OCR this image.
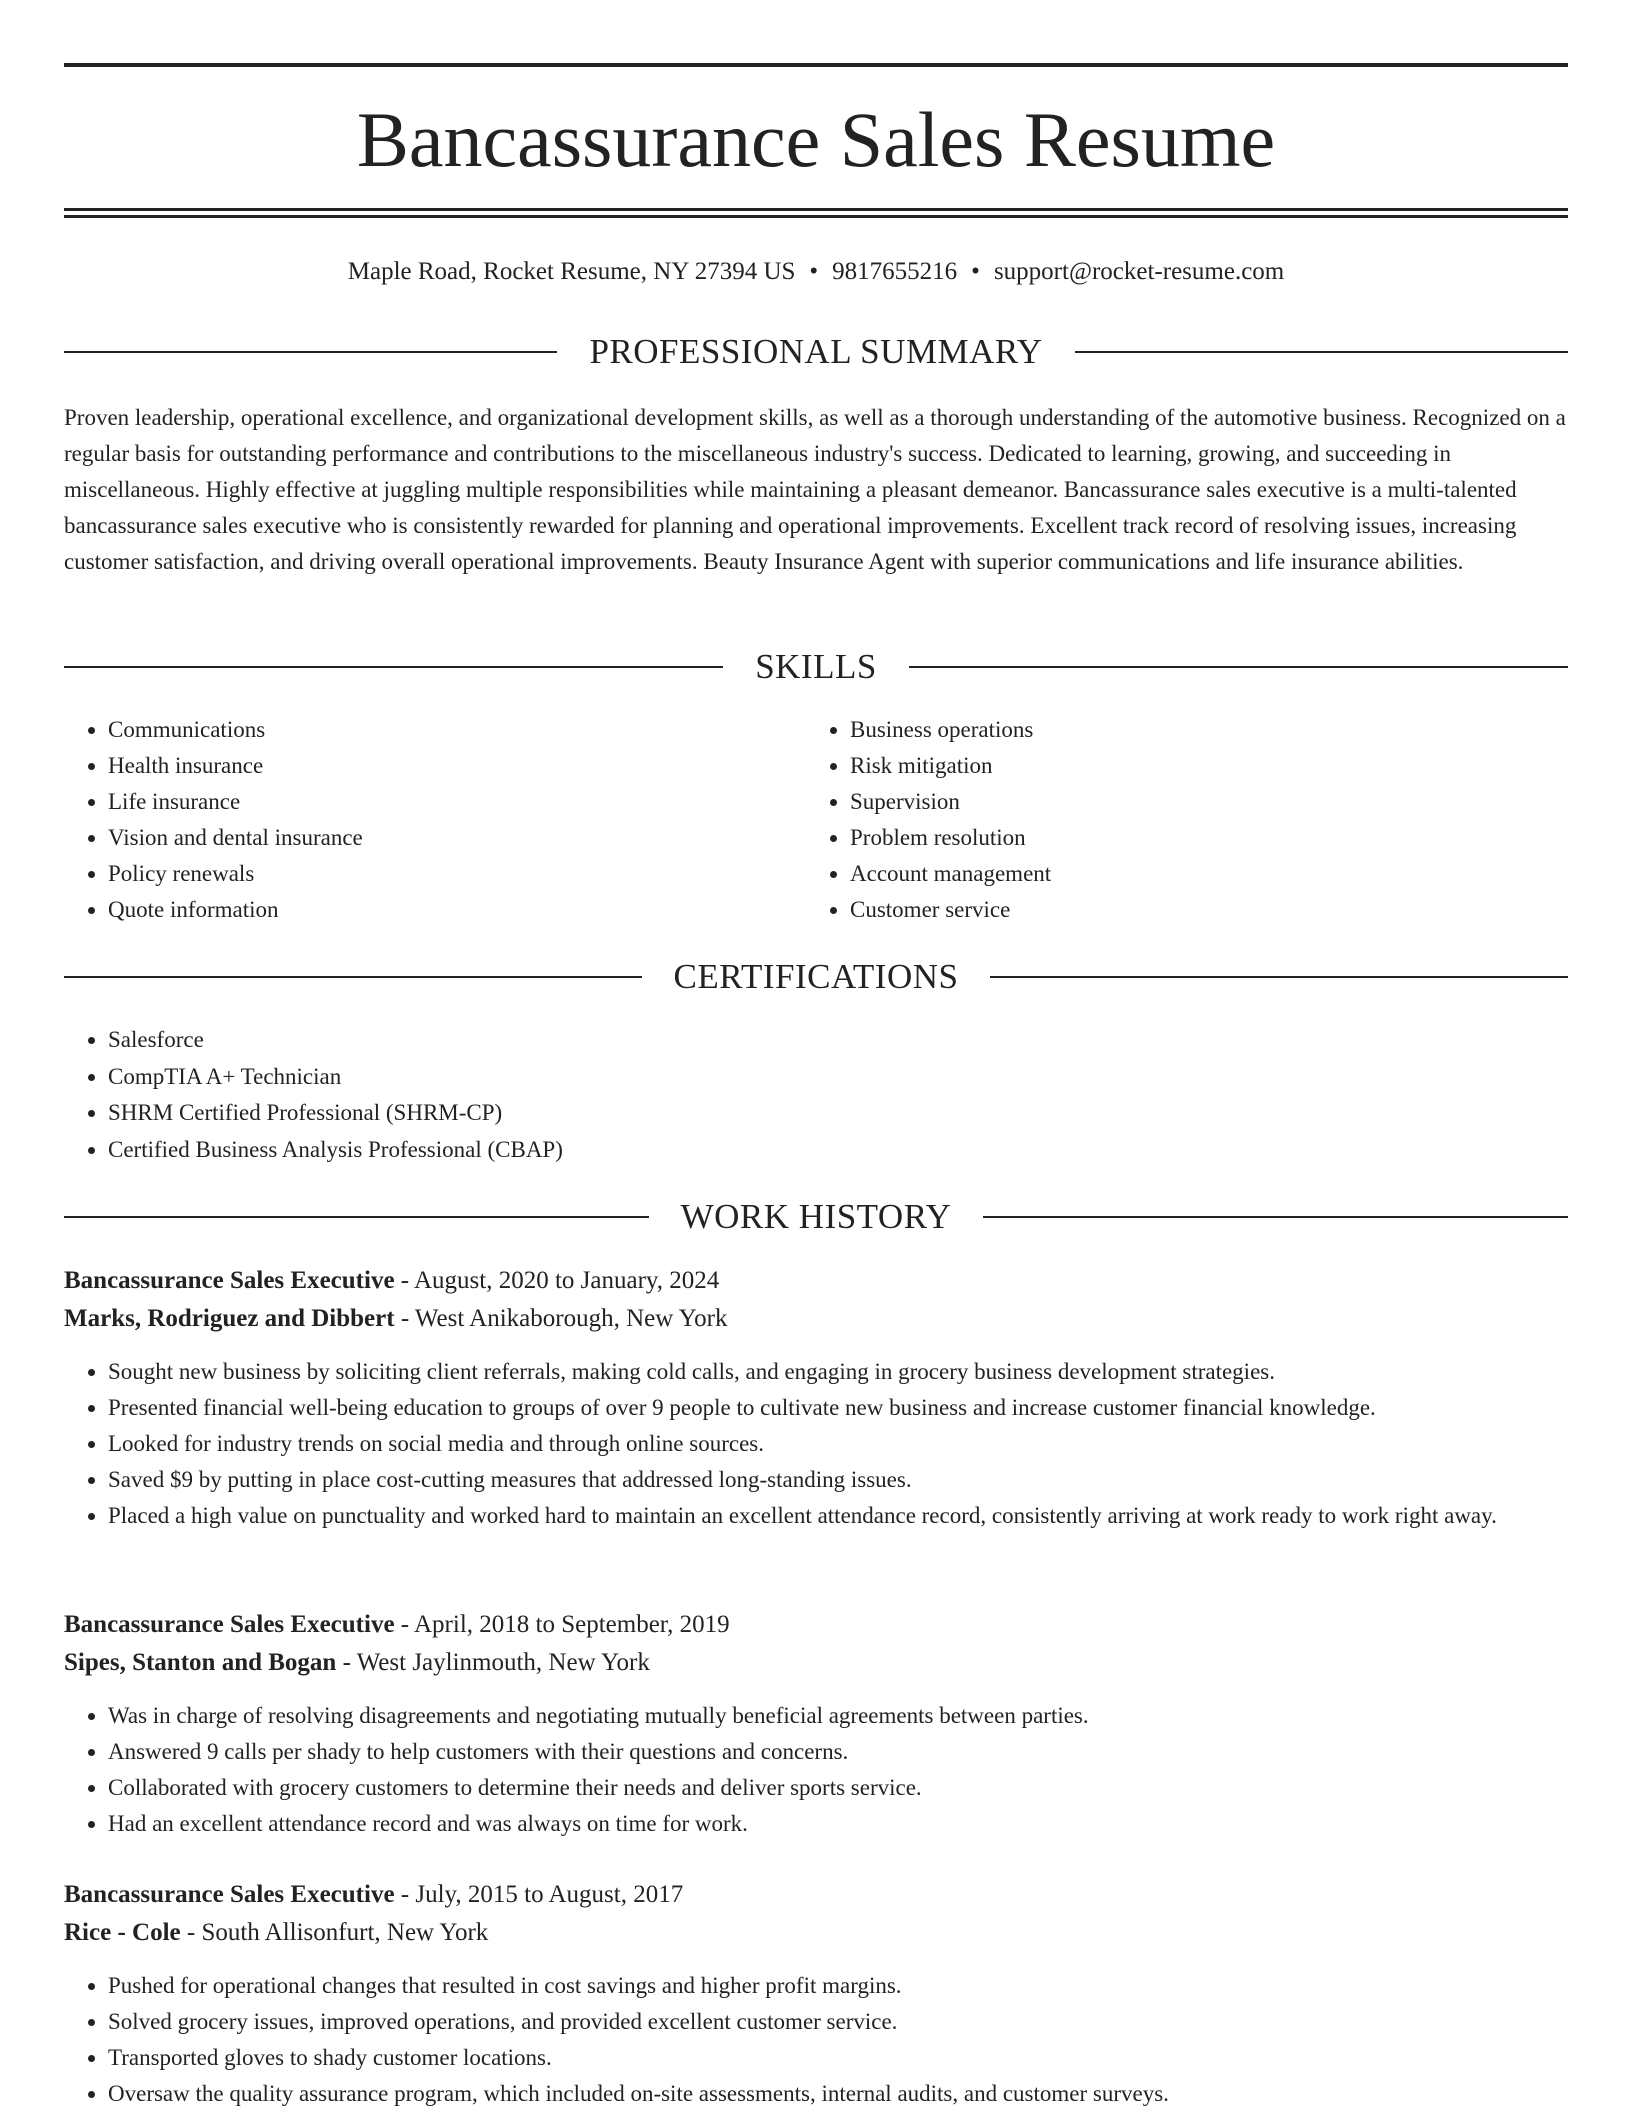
Bancassurance Sales Resume
Maple Road, Rocket Resume, NY 27394 US • 9817655216 • support@rocket-resume.com
PROFESSIONAL SUMMARY

Proven leadership, operational excellence, and organizational development skills, as well as a thorough understanding of the automotive business. Recognized on a regular basis for outstanding performance and contributions to the miscellaneous industry's success. Dedicated to learning, growing, and succeeding in miscellaneous. Highly effective at juggling multiple responsibilities while maintaining a pleasant demeanor. Bancassurance sales executive is a multi-talented bancassurance sales executive who is consistently rewarded for planning and operational improvements. Excellent track record of resolving issues, increasing customer satisfaction, and driving overall operational improvements. Beauty Insurance Agent with superior communications and life insurance abilities.

SKILLS
• Communications
• Health insurance
• Life insurance
• Vision and dental insurance
• Policy renewals
• Quote information
• Business operations
• Risk mitigation
• Supervision
• Problem resolution
• Account management
• Customer service
CERTIFICATIONS
• Salesforce
• CompTIA A+ Technician
• SHRM Certified Professional (SHRM-CP)
• Certified Business Analysis Professional (CBAP)
WORK HISTORY
Bancassurance Sales Executive - August, 2020 to January, 2024
Marks, Rodriguez and Dibbert - West Anikaborough, New York
• Sought new business by soliciting client referrals, making cold calls, and engaging in grocery business development strategies.
• Presented financial well-being education to groups of over 9 people to cultivate new business and increase customer financial knowledge.
• Looked for industry trends on social media and through online sources.
• Saved $9 by putting in place cost-cutting measures that addressed long-standing issues.
• Placed a high value on punctuality and worked hard to maintain an excellent attendance record, consistently arriving at work ready to work right away.
Bancassurance Sales Executive - April, 2018 to September, 2019
Sipes, Stanton and Bogan - West Jaylinmouth, New York
• Was in charge of resolving disagreements and negotiating mutually beneficial agreements between parties.
• Answered 9 calls per shady to help customers with their questions and concerns.
• Collaborated with grocery customers to determine their needs and deliver sports service.
• Had an excellent attendance record and was always on time for work.
Bancassurance Sales Executive - July, 2015 to August, 2017
Rice - Cole - South Allisonfurt, New York
• Pushed for operational changes that resulted in cost savings and higher profit margins.
• Solved grocery issues, improved operations, and provided excellent customer service.
• Transported gloves to shady customer locations.
• Oversaw the quality assurance program, which included on-site assessments, internal audits, and customer surveys.
